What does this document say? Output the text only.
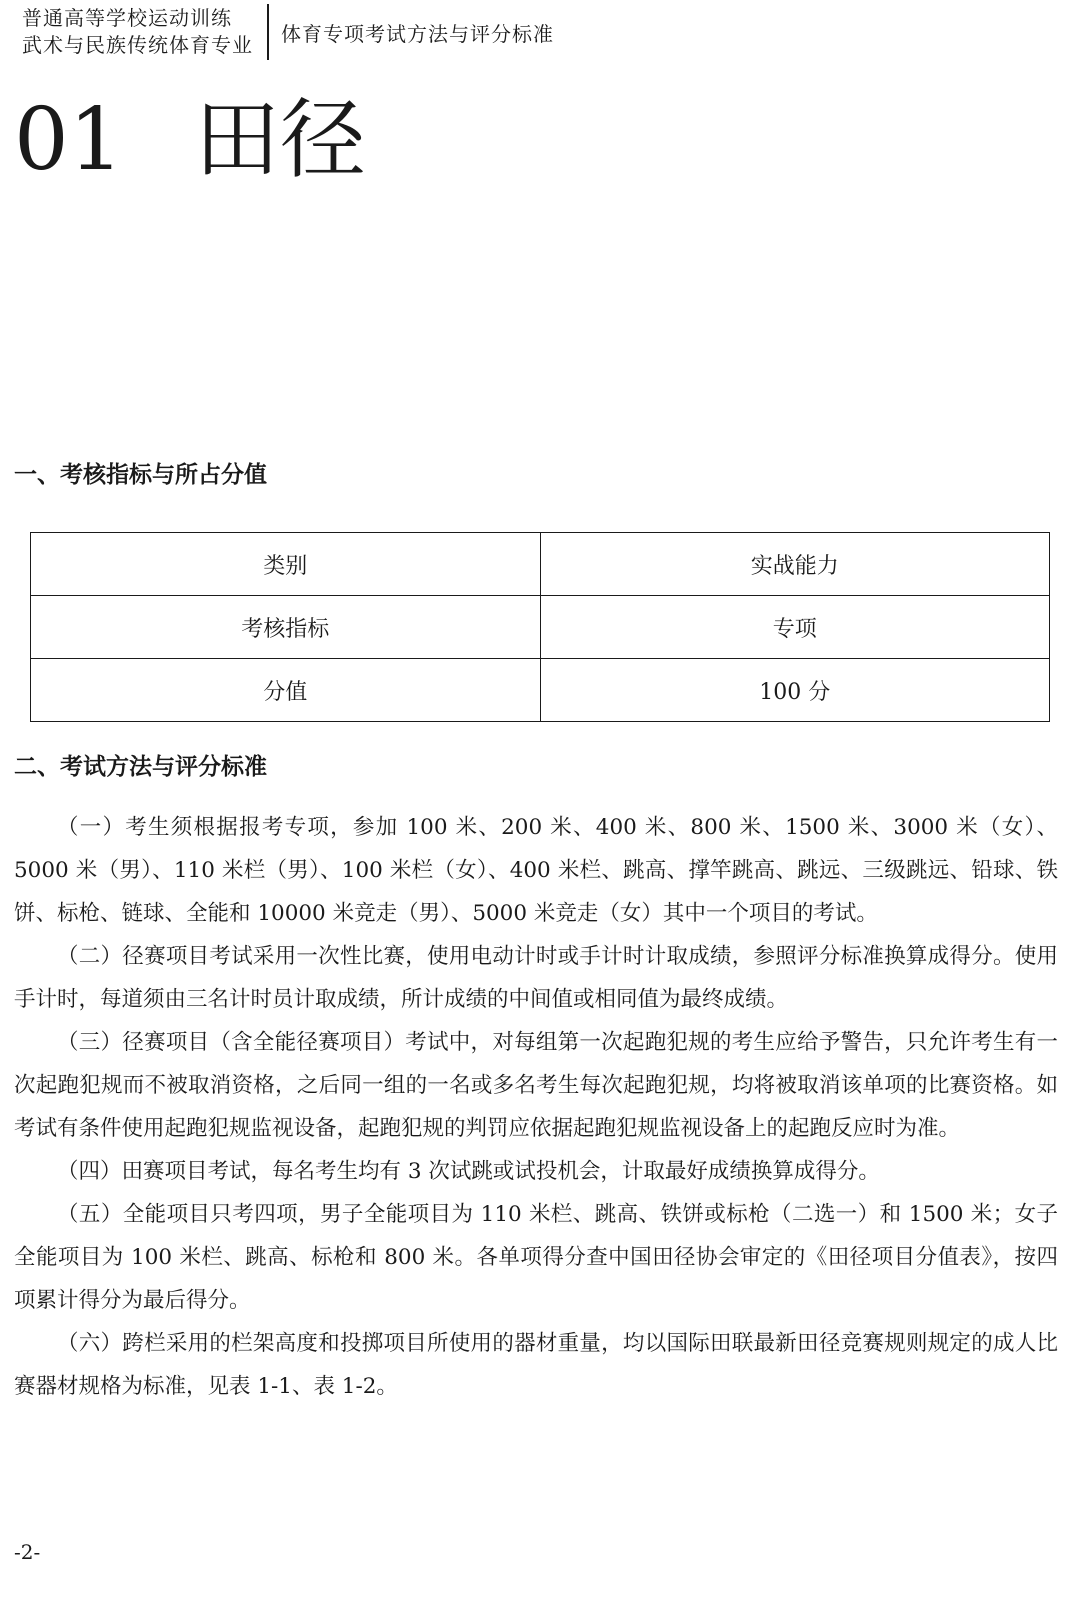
普通高等学校运动训练
武术与民族传统体育专业	体育专项考试方法与评分标准
01 田径
一、考核指标与所占分值
类别	实战能力
考核指标	专项
分值	100 分
二、考试方法与评分标准

（一）考生须根据报考专项，参加 100 米、200 米、400 米、800 米、1500 米、3000 米（女）、5000 米（男）、110 米栏（男）、100 米栏（女）、400 米栏、跳高、撑竿跳高、跳远、三级跳远、铅球、铁饼、标枪、链球、全能和 10000 米竞走（男）、5000 米竞走（女）其中一个项目的考试。

（二）径赛项目考试采用一次性比赛，使用电动计时或手计时计取成绩，参照评分标准换算成得分。使用手计时，每道须由三名计时员计取成绩，所计成绩的中间值或相同值为最终成绩。

（三）径赛项目（含全能径赛项目）考试中，对每组第一次起跑犯规的考生应给予警告，只允许考生有一次起跑犯规而不被取消资格，之后同一组的一名或多名考生每次起跑犯规，均将被取消该单项的比赛资格。如考试有条件使用起跑犯规监视设备，起跑犯规的判罚应依据起跑犯规监视设备上的起跑反应时为准。

（四）田赛项目考试，每名考生均有 3 次试跳或试投机会，计取最好成绩换算成得分。

（五）全能项目只考四项，男子全能项目为 110 米栏、跳高、铁饼或标枪（二选一）和 1500 米；女子全能项目为 100 米栏、跳高、标枪和 800 米。各单项得分查中国田径协会审定的《田径项目分值表》，按四项累计得分为最后得分。

（六）跨栏采用的栏架高度和投掷项目所使用的器材重量，均以国际田联最新田径竞赛规则规定的成人比赛器材规格为标准，见表 1-1、表 1-2。

-2-
